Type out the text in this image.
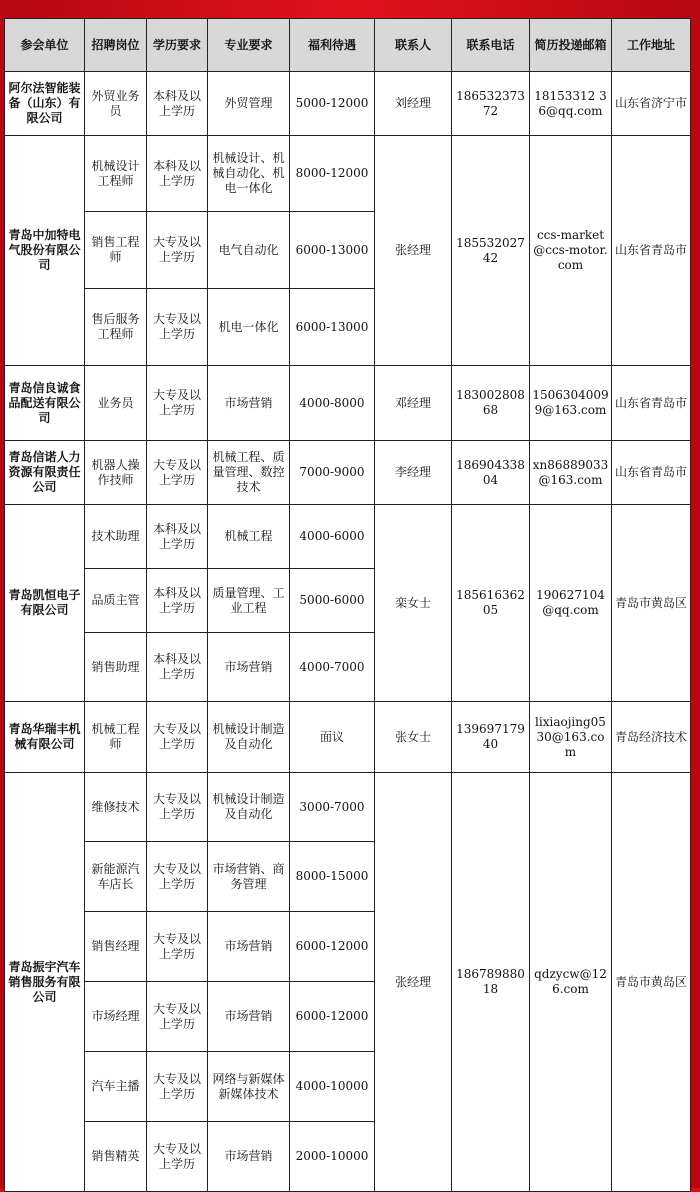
参会单位	招聘岗位	学历要求	专业要求	福利待遇	联系人	联系电话	简历投递邮箱	工作地址
阿尔法智能装备（山东）有限公司	外贸业务员	本科及以上学历	外贸管理	5000-12000	刘经理	18653237372	18153312 36@qq.com	山东省济宁市
青岛中加特电气股份有限公司	机械设计工程师	本科及以上学历	机械设计、机械自动化、机电一体化	8000-12000	张经理	18553202742	ccs-market@ccs-motor.com	山东省青岛市
	销售工程师	大专及以上学历	电气自动化	6000-13000				
	售后服务工程师	大专及以上学历	机电一体化	6000-13000				
青岛信良诚食品配送有限公司	业务员	大专及以上学历	市场营销	4000-8000	邓经理	18300280868	15063040099@163.com	山东省青岛市
青岛信诺人力资源有限责任公司	机器人操作技师	大专及以上学历	机械工程、质量管理、数控技术	7000-9000	李经理	18690433804	xn86889033@163.com	山东省青岛市
青岛凯恒电子有限公司	技术助理	本科及以上学历	机械工程	4000-6000	栾女士	18561636205	190627104@qq.com	青岛市黄岛区
	品质主管	本科及以上学历	质量管理、工业工程	5000-6000				
	销售助理	本科及以上学历	市场营销	4000-7000				
青岛华瑞丰机械有限公司	机械工程师	大专及以上学历	机械设计制造及自动化	面议	张女士	13969717940	lixiaojing0530@163.com	青岛经济技术
青岛振宇汽车销售服务有限公司	维修技术	大专及以上学历	机械设计制造及自动化	3000-7000	张经理	18678988018	qdzycw@126.com	青岛市黄岛区
	新能源汽车店长	大专及以上学历	市场营销、商务管理	8000-15000				
	销售经理	大专及以上学历	市场营销	6000-12000				
	市场经理	大专及以上学历	市场营销	6000-12000				
	汽车主播	大专及以上学历	网络与新媒体新媒体技术	4000-10000				
	销售精英	大专及以上学历	市场营销	2000-10000				
